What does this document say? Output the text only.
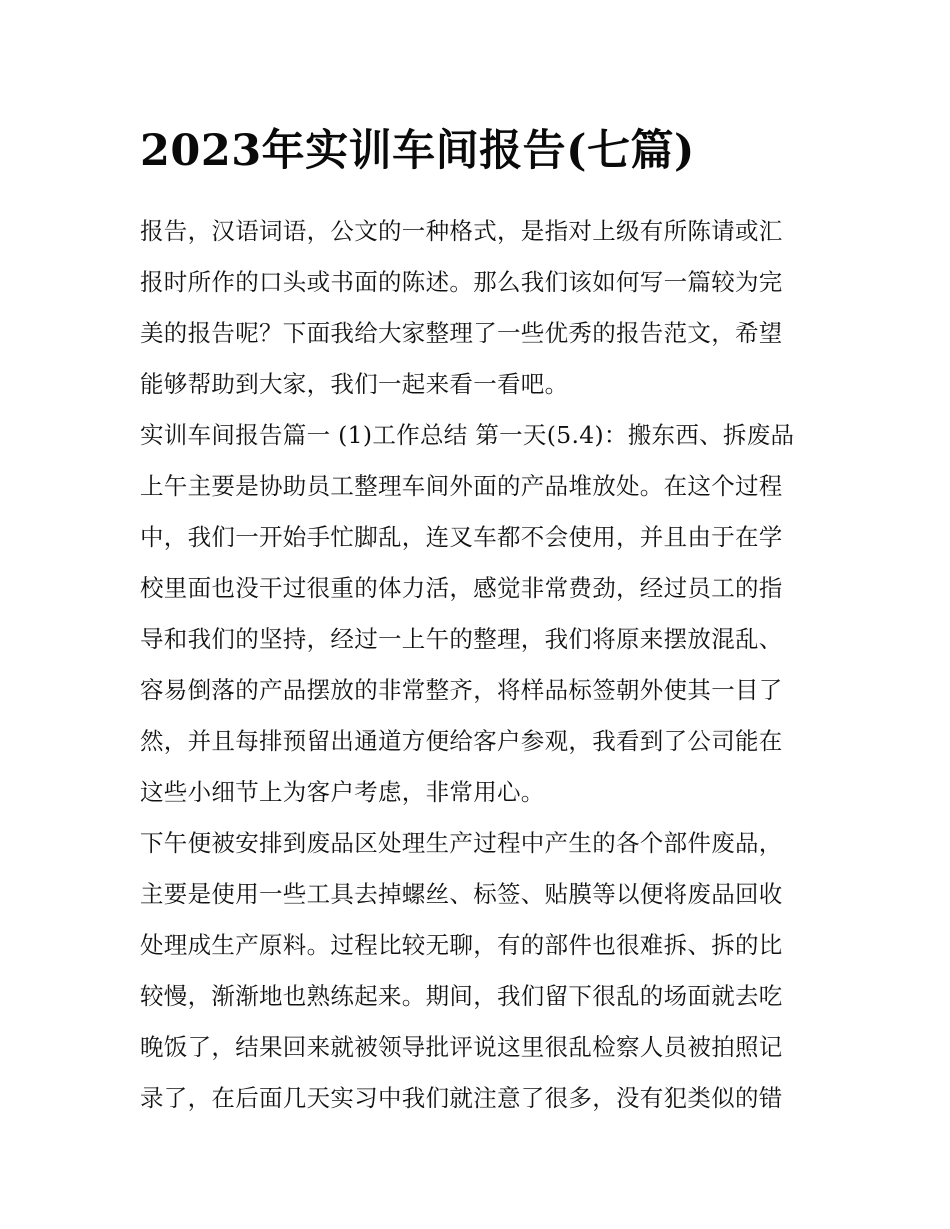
2023年实训车间报告(七篇)

报告，汉语词语，公文的一种格式，是指对上级有所陈请或汇
报时所作的口头或书面的陈述。那么我们该如何写一篇较为完
美的报告呢？下面我给大家整理了一些优秀的报告范文，希望
能够帮助到大家，我们一起来看一看吧。

实训车间报告篇一 (1)工作总结 第一天(5.4)：搬东西、拆废品
上午主要是协助员工整理车间外面的产品堆放处。在这个过程
中，我们一开始手忙脚乱，连叉车都不会使用，并且由于在学
校里面也没干过很重的体力活，感觉非常费劲，经过员工的指
导和我们的坚持，经过一上午的整理，我们将原来摆放混乱、
容易倒落的产品摆放的非常整齐，将样品标签朝外使其一目了
然，并且每排预留出通道方便给客户参观，我看到了公司能在
这些小细节上为客户考虑，非常用心。

下午便被安排到废品区处理生产过程中产生的各个部件废品，
主要是使用一些工具去掉螺丝、标签、贴膜等以便将废品回收
处理成生产原料。过程比较无聊，有的部件也很难拆、拆的比
较慢，渐渐地也熟练起来。期间，我们留下很乱的场面就去吃
晚饭了，结果回来就被领导批评说这里很乱检察人员被拍照记
录了，在后面几天实习中我们就注意了很多，没有犯类似的错
